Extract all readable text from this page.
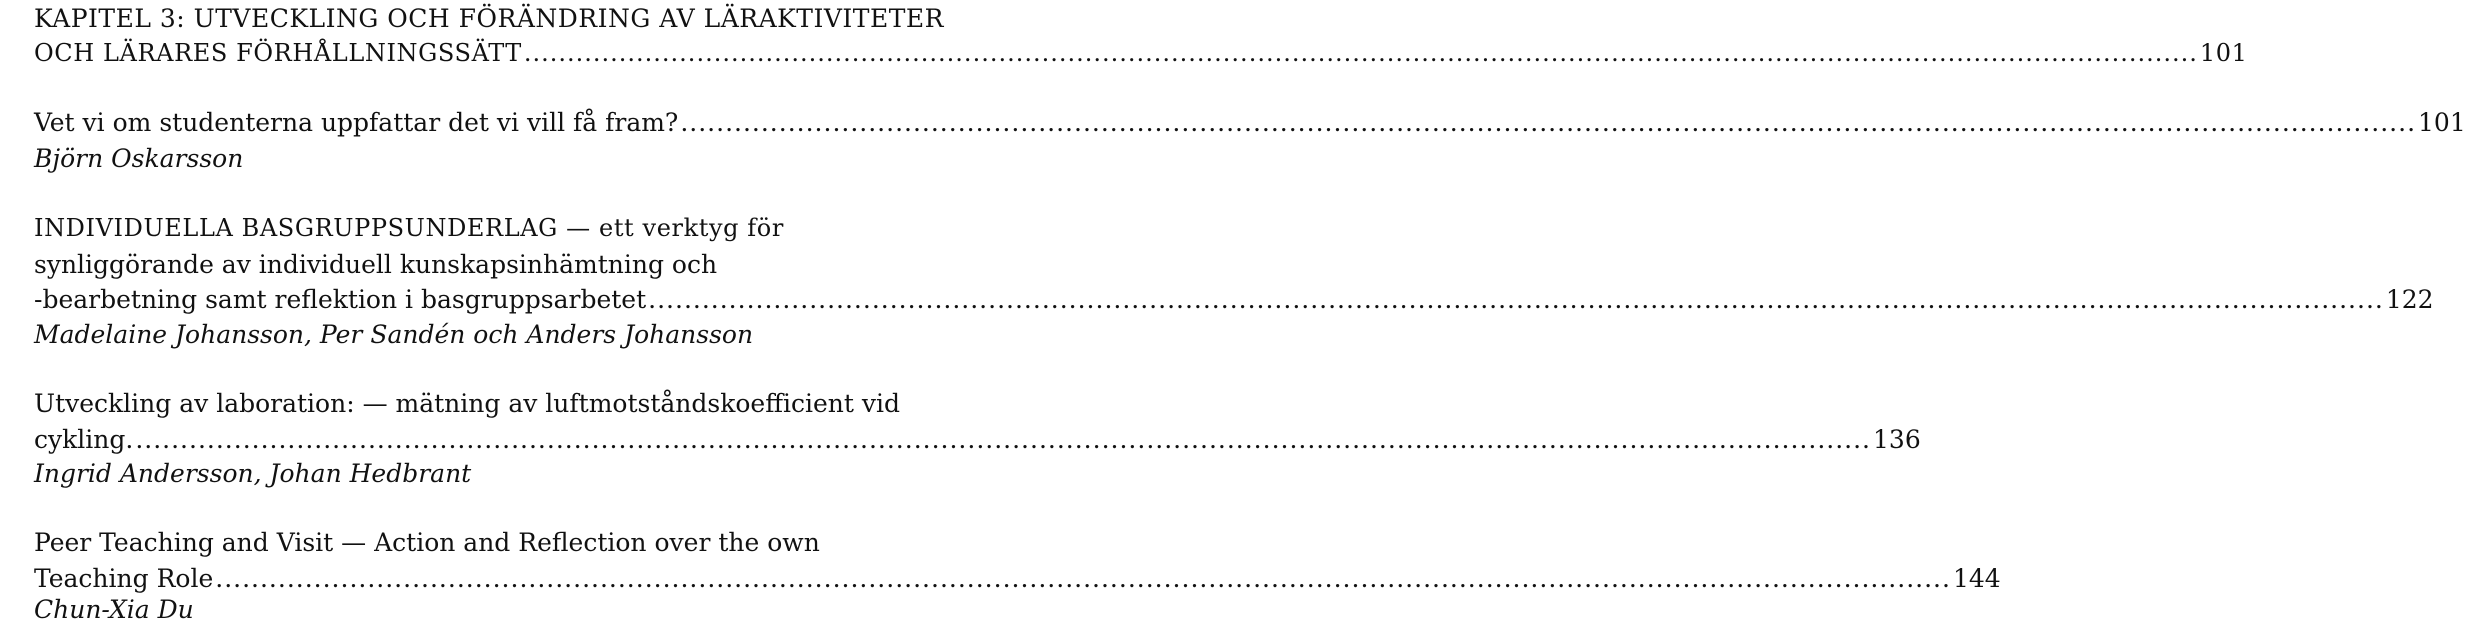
KAPITEL 3: UTVECKLING OCH FÖRÄNDRING AV LÄRAKTIVITETER
OCH LÄRARES FÖRHÅLLNINGSSÄTT .................................................................................................................................................................................................. 101
Vet vi om studenterna uppfattar det vi vill få fram? .................................................................................................................................................................................................. 101
Björn Oskarsson
INDIVIDUELLA BASGRUPPSUNDERLAG — ett verktyg för
synliggörande av individuell kunskapsinhämtning och
-bearbetning samt reflektion i basgruppsarbetet .................................................................................................................................................................................................. 122
Madelaine Johansson, Per Sandén och Anders Johansson
Utveckling av laboration: — mätning av luftmotståndskoefficient vid
cykling. .................................................................................................................................................................................................. 136
Ingrid Andersson, Johan Hedbrant
Peer Teaching and Visit — Action and Reflection over the own
Teaching Role .................................................................................................................................................................................................. 144
Chun-Xia Du
